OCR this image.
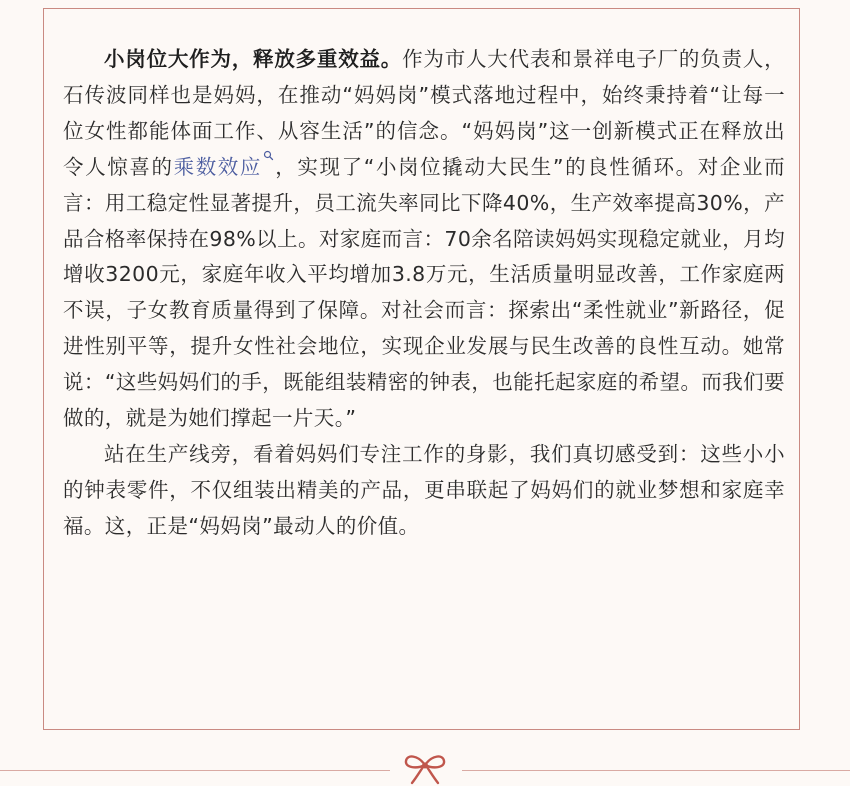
小岗位大作为，释放多重效益。作为市人大代表和景祥电子厂的负责人，石传波同样也是妈妈，在推动“妈妈岗”模式落地过程中，始终秉持着“让每一位女性都能体面工作、从容生活”的信念。“妈妈岗”这一创新模式正在释放出令人惊喜的乘数效应 ，实现了“小岗位撬动大民生”的良性循环。对企业而言：用工稳定性显著提升，员工流失率同比下降40%，生产效率提高30%，产品合格率保持在98%以上。对家庭而言：70余名陪读妈妈实现稳定就业，月均增收3200元，家庭年收入平均增加3.8万元，生活质量明显改善，工作家庭两不误，子女教育质量得到了保障。对社会而言：探索出“柔性就业”新路径，促进性别平等，提升女性社会地位，实现企业发展与民生改善的良性互动。她常说：“这些妈妈们的手，既能组装精密的钟表，也能托起家庭的希望。而我们要做的，就是为她们撑起一片天。”

站在生产线旁，看着妈妈们专注工作的身影，我们真切感受到：这些小小的钟表零件，不仅组装出精美的产品，更串联起了妈妈们的就业梦想和家庭幸福。这，正是“妈妈岗”最动人的价值。
